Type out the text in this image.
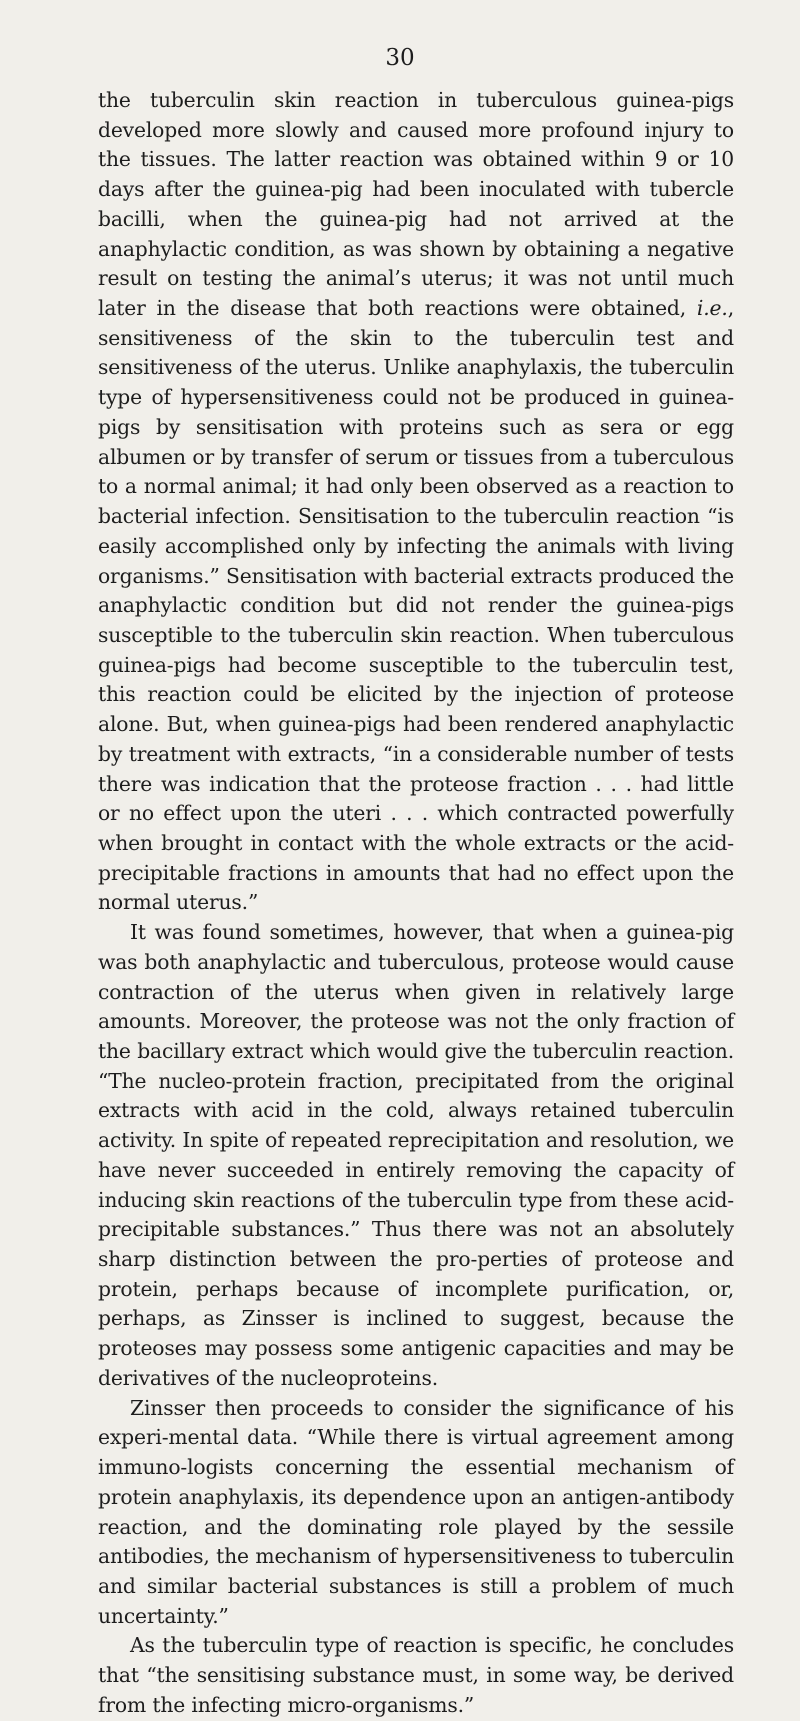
30

the tuberculin skin reaction in tuberculous guinea-pigs developed more slowly and caused more profound injury to the tissues. The latter reaction was obtained within 9 or 10 days after the guinea-pig had been inoculated with tubercle bacilli, when the guinea-pig had not arrived at the anaphylactic condition, as was shown by obtaining a negative result on testing the animal’s uterus; it was not until much later in the disease that both reactions were obtained, i.e., sensitiveness of the skin to the tuberculin test and sensitiveness of the uterus. Unlike anaphylaxis, the tuberculin type of hypersensitiveness could not be produced in guinea-pigs by sensitisation with proteins such as sera or egg albumen or by transfer of serum or tissues from a tuberculous to a normal animal; it had only been observed as a reaction to bacterial infection. Sensitisation to the tuberculin reaction “is easily accomplished only by infecting the animals with living organisms.” Sensitisation with bacterial extracts produced the anaphylactic condition but did not render the guinea-pigs susceptible to the tuberculin skin reaction. When tuberculous guinea-pigs had become susceptible to the tuberculin test, this reaction could be elicited by the injection of proteose alone. But, when guinea-pigs had been rendered anaphylactic by treatment with extracts, “in a considerable number of tests there was indication that the proteose fraction . . . had little or no effect upon the uteri . . . which contracted powerfully when brought in contact with the whole extracts or the acid-precipitable fractions in amounts that had no effect upon the normal uterus.”

It was found sometimes, however, that when a guinea-pig was both anaphylactic and tuberculous, proteose would cause contraction of the uterus when given in relatively large amounts. Moreover, the proteose was not the only fraction of the bacillary extract which would give the tuberculin reaction. “The nucleo-protein fraction, precipitated from the original extracts with acid in the cold, always retained tuberculin activity. In spite of repeated reprecipitation and resolution, we have never succeeded in entirely removing the capacity of inducing skin reactions of the tuberculin type from these acid-precipitable substances.” Thus there was not an absolutely sharp distinction between the pro-perties of proteose and protein, perhaps because of incomplete purification, or, perhaps, as Zinsser is inclined to suggest, because the proteoses may possess some antigenic capacities and may be derivatives of the nucleoproteins.

Zinsser then proceeds to consider the significance of his experi-mental data. “While there is virtual agreement among immuno-logists concerning the essential mechanism of protein anaphylaxis, its dependence upon an antigen-antibody reaction, and the dominating role played by the sessile antibodies, the mechanism of hypersensitiveness to tuberculin and similar bacterial substances is still a problem of much uncertainty.”

As the tuberculin type of reaction is specific, he concludes that “the sensitising substance must, in some way, be derived from the infecting micro-organisms.”
